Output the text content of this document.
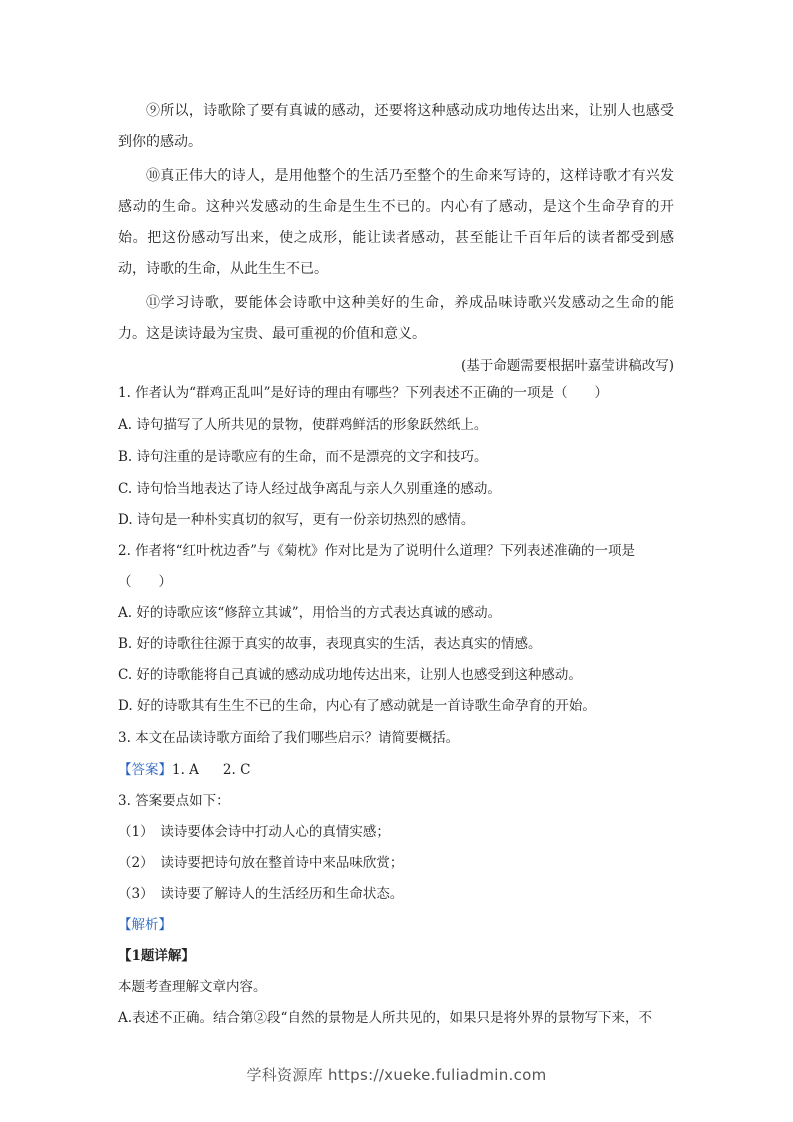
⑨所以，诗歌除了要有真诚的感动，还要将这种感动成功地传达出来，让别人也感受到你的感动。

⑩真正伟大的诗人，是用他整个的生活乃至整个的生命来写诗的，这样诗歌才有兴发感动的生命。这种兴发感动的生命是生生不已的。内心有了感动，是这个生命孕育的开始。把这份感动写出来，使之成形，能让读者感动，甚至能让千百年后的读者都受到感动，诗歌的生命，从此生生不已。

⑪学习诗歌，要能体会诗歌中这种美好的生命，养成品味诗歌兴发感动之生命的能力。这是读诗最为宝贵、最可重视的价值和意义。

(基于命题需要根据叶嘉莹讲稿改写)

1. 作者认为“群鸡正乱叫”是好诗的理由有哪些？下列表述不正确的一项是（　　）

A. 诗句描写了人所共见的景物，使群鸡鲜活的形象跃然纸上。

B. 诗句注重的是诗歌应有的生命，而不是漂亮的文字和技巧。

C. 诗句恰当地表达了诗人经过战争离乱与亲人久别重逢的感动。

D. 诗句是一种朴实真切的叙写，更有一份亲切热烈的感情。

2. 作者将“红叶枕边香”与《菊枕》作对比是为了说明什么道理？下列表述准确的一项是

（　　）

A. 好的诗歌应该“修辞立其诚”，用恰当的方式表达真诚的感动。

B. 好的诗歌往往源于真实的故事，表现真实的生活，表达真实的情感。

C. 好的诗歌能将自己真诚的感动成功地传达出来，让别人也感受到这种感动。

D. 好的诗歌其有生生不已的生命，内心有了感动就是一首诗歌生命孕育的开始。

3. 本文在品读诗歌方面给了我们哪些启示？请简要概括。

【答案】1. A 2. C

3. 答案要点如下：

（1）　读诗要体会诗中打动人心的真情实感；

（2）　读诗要把诗句放在整首诗中来品味欣赏；

（3）　读诗要了解诗人的生活经历和生命状态。

【解析】

【1题详解】

本题考查理解文章内容。

A.表述不正确。结合第②段“自然的景物是人所共见的，如果只是将外界的景物写下来，不

学科资源库 https://xueke.fuliadmin.com
